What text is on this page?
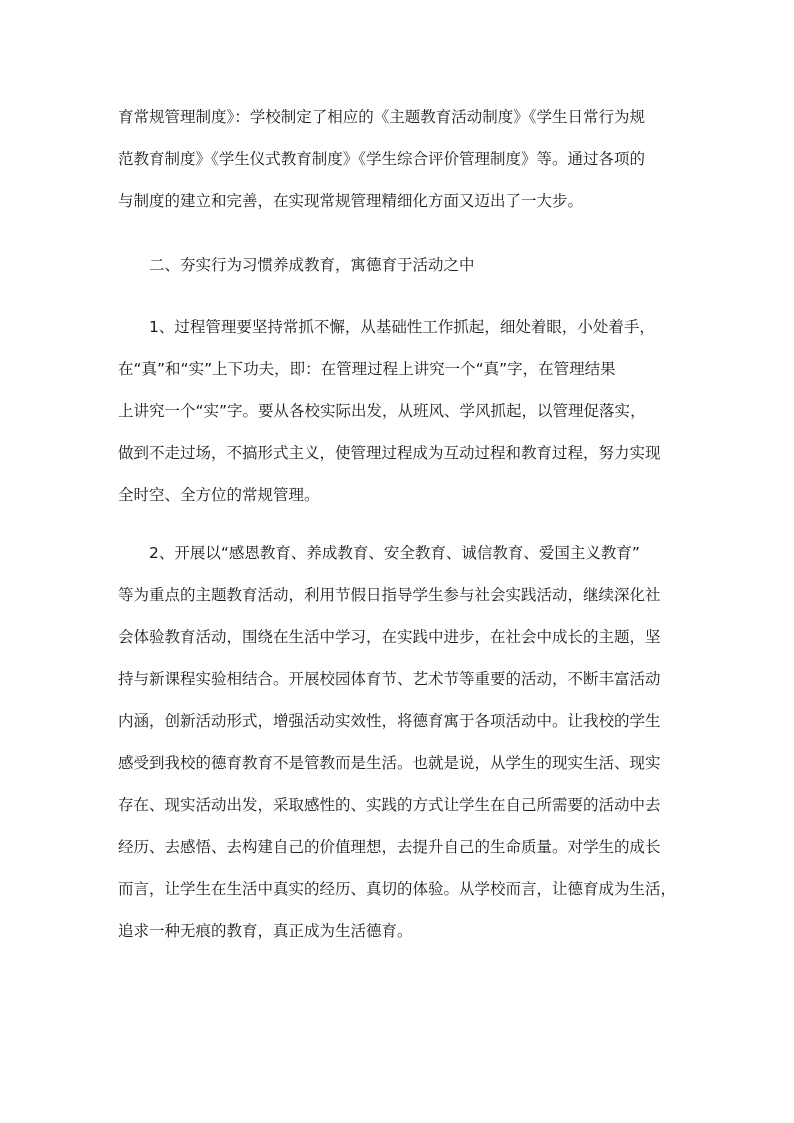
育常规管理制度》：学校制定了相应的《主题教育活动制度》《学生日常行为规
范教育制度》《学生仪式教育制度》《学生综合评价管理制度》等。通过各项的
与制度的建立和完善，在实现常规管理精细化方面又迈出了一大步。
二、夯实行为习惯养成教育，寓德育于活动之中
1、过程管理要坚持常抓不懈，从基础性工作抓起，细处着眼，小处着手，
在“真”和“实”上下功夫，即：在管理过程上讲究一个“真”字，在管理结果
上讲究一个“实”字。要从各校实际出发，从班风、学风抓起，以管理促落实，
做到不走过场，不搞形式主义，使管理过程成为互动过程和教育过程，努力实现
全时空、全方位的常规管理。
2、开展以“感恩教育、养成教育、安全教育、诚信教育、爱国主义教育”
等为重点的主题教育活动，利用节假日指导学生参与社会实践活动，继续深化社
会体验教育活动，围绕在生活中学习，在实践中进步，在社会中成长的主题，坚
持与新课程实验相结合。开展校园体育节、艺术节等重要的活动，不断丰富活动
内涵，创新活动形式，增强活动实效性，将德育寓于各项活动中。让我校的学生
感受到我校的德育教育不是管教而是生活。也就是说，从学生的现实生活、现实
存在、现实活动出发，采取感性的、实践的方式让学生在自己所需要的活动中去
经历、去感悟、去构建自己的价值理想，去提升自己的生命质量。对学生的成长
而言，让学生在生活中真实的经历、真切的体验。从学校而言，让德育成为生活，
追求一种无痕的教育，真正成为生活德育。
